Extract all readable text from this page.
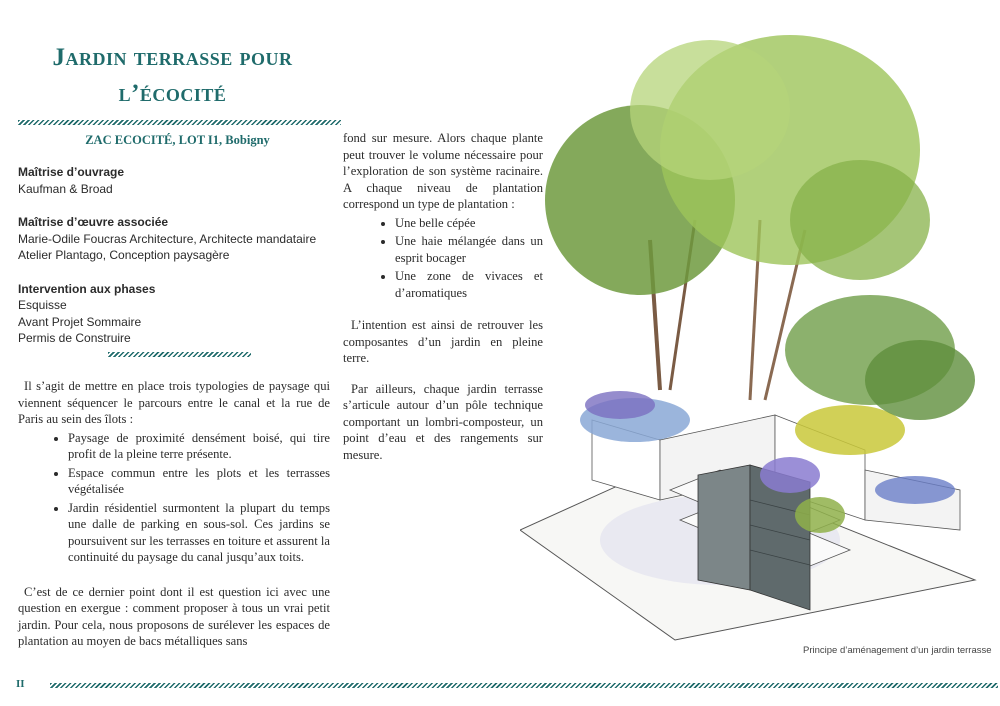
Jardin terrasse pour l’écocité
ZAC ECOCITÉ, LOT I1, Bobigny

Maîtrise d’ouvrage

Kaufman & Broad

Maîtrise d’œuvre associée

Marie-Odile Foucras Architecture, Architecte mandataire

Atelier Plantago, Conception paysagère

Intervention aux phases

Esquisse

Avant Projet Sommaire

Permis de Construire

Il s’agit de mettre en place trois typologies de paysage qui viennent séquencer le parcours entre le canal et la rue de Paris au sein des îlots :

• Paysage de proximité densément boisé, qui tire profit de la pleine terre présente.
• Espace commun entre les plots et les terrasses végétalisée
• Jardin résidentiel surmontent la plupart du temps une dalle de parking en sous-sol. Ces jardins se poursuivent sur les terrasses en toiture et assurent la continuité du paysage du canal jusqu’aux toits.

C’est de ce dernier point dont il est question ici avec une question en exergue : comment proposer à tous un vrai petit jardin. Pour cela, nous proposons de surélever les espaces de plantation au moyen de bacs métalliques sans

fond sur mesure. Alors chaque plante peut trouver le volume nécessaire pour l’exploration de son système racinaire. A chaque niveau de plantation correspond un type de plantation :

• Une belle cépée
• Une haie mélangée dans un esprit bocager
• Une zone de vivaces et d’aromatiques

L’intention est ainsi de retrouver les composantes d’un jardin en pleine terre.

Par ailleurs, chaque jardin terrasse s’articule autour d’un pôle technique comportant un lombri-composteur, un point d’eau et des rangements sur mesure.

Principe d’aménagement d’un jardin terrasse
II
